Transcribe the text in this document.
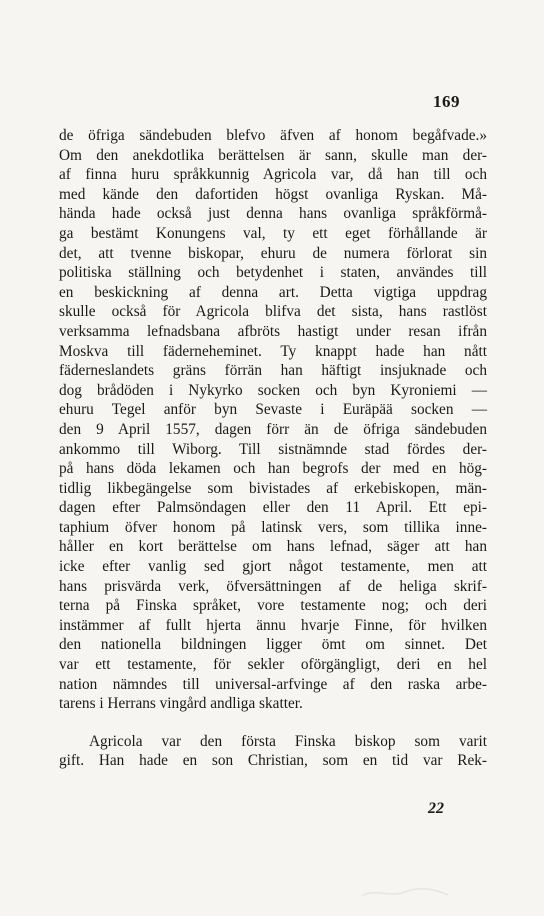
169
de öfriga sändebuden blefvo äfven af honom begåfvade.»
Om den anekdotlika berättelsen är sann, skulle man der-
af finna huru språkkunnig Agricola var, då han till och
med kände den dafortiden högst ovanliga Ryskan. Må-
hända hade också just denna hans ovanliga språkförmå-
ga bestämt Konungens val, ty ett eget förhållande är
det, att tvenne biskopar, ehuru de numera förlorat sin
politiska ställning och betydenhet i staten, användes till
en beskickning af denna art. Detta vigtiga uppdrag
skulle också för Agricola blifva det sista, hans rastlöst
verksamma lefnadsbana afbröts hastigt under resan ifrån
Moskva till fäderneheminet. Ty knappt hade han nått
fäderneslandets gräns förrän han häftigt insjuknade och
dog brådöden i Nykyrko socken och byn Kyroniemi —
ehuru Tegel anför byn Sevaste i Euräpää socken —
den 9 April 1557, dagen förr än de öfriga sändebuden
ankommo till Wiborg. Till sistnämnde stad fördes der-
på hans döda lekamen och han begrofs der med en hög-
tidlig likbegängelse som bivistades af erkebiskopen, män-
dagen efter Palmsöndagen eller den 11 April. Ett epi-
taphium öfver honom på latinsk vers, som tillika inne-
håller en kort berättelse om hans lefnad, säger att han
icke efter vanlig sed gjort något testamente, men att
hans prisvärda verk, öfversättningen af de heliga skrif-
terna på Finska språket, vore testamente nog; och deri
instämmer af fullt hjerta ännu hvarje Finne, för hvilken
den nationella bildningen ligger ömt om sinnet. Det
var ett testamente, för sekler oförgängligt, deri en hel
nation nämndes till universal-arfvinge af den raska arbe-
tarens i Herrans vingård andliga skatter.
Agricola var den första Finska biskop som varit
gift. Han hade en son Christian, som en tid var Rek-
22
